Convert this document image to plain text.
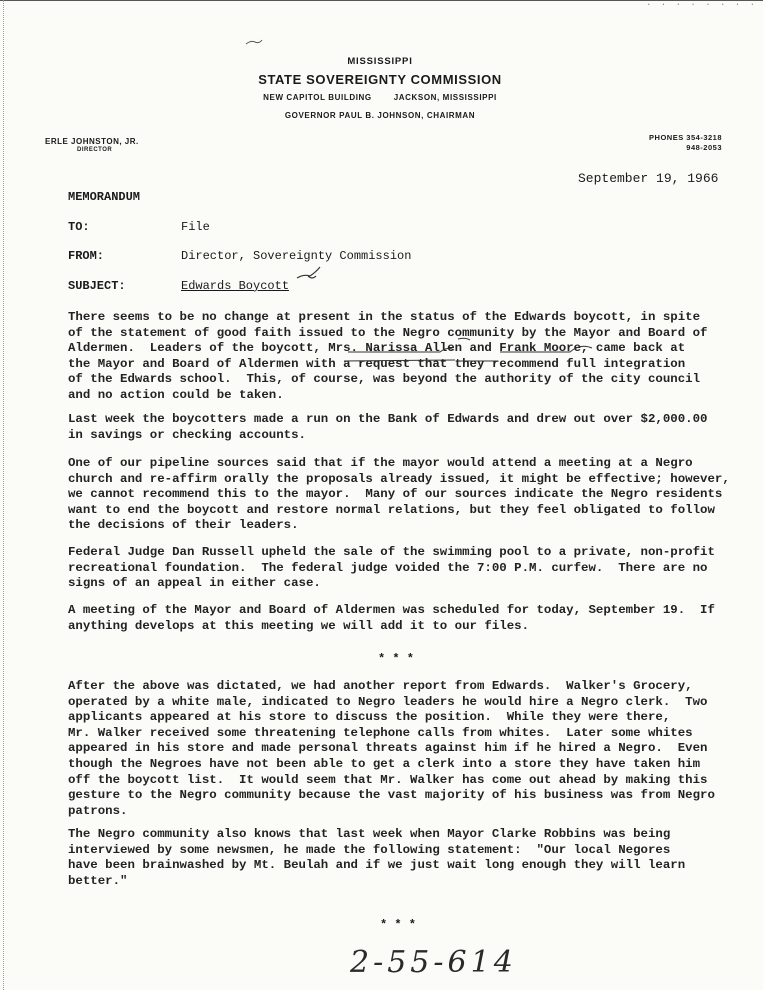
· · · · · · · ·
MISSISSIPPI
STATE SOVEREIGNTY COMMISSION
NEW CAPITOL BUILDING	JACKSON, MISSISSIPPI
GOVERNOR PAUL B. JOHNSON, CHAIRMAN
ERLE JOHNSTON, JR.
DIRECTOR
PHONES 354-3218
948-2053
September 19, 1966
MEMORANDUM
TO:	File
FROM:	Director, Sovereignty Commission
SUBJECT:	Edwards Boycott
There seems to be no change at present in the status of the Edwards boycott, in spite
of the statement of good faith issued to the Negro community by the Mayor and Board of
Aldermen.  Leaders of the boycott, Mrs. Narissa Allen and Frank Moore, came back at
the Mayor and Board of Aldermen with a request that they recommend full integration
of the Edwards school.  This, of course, was beyond the authority of the city council
and no action could be taken.
Last week the boycotters made a run on the Bank of Edwards and drew out over $2,000.00
in savings or checking accounts.
One of our pipeline sources said that if the mayor would attend a meeting at a Negro
church and re-affirm orally the proposals already issued, it might be effective; however,
we cannot recommend this to the mayor.  Many of our sources indicate the Negro residents
want to end the boycott and restore normal relations, but they feel obligated to follow
the decisions of their leaders.
Federal Judge Dan Russell upheld the sale of the swimming pool to a private, non-profit
recreational foundation.  The federal judge voided the 7:00 P.M. curfew.  There are no
signs of an appeal in either case.
A meeting of the Mayor and Board of Aldermen was scheduled for today, September 19.  If
anything develops at this meeting we will add it to our files.
* * *
After the above was dictated, we had another report from Edwards.  Walker's Grocery,
operated by a white male, indicated to Negro leaders he would hire a Negro clerk.  Two
applicants appeared at his store to discuss the position.  While they were there,
Mr. Walker received some threatening telephone calls from whites.  Later some whites
appeared in his store and made personal threats against him if he hired a Negro.  Even
though the Negroes have not been able to get a clerk into a store they have taken him
off the boycott list.  It would seem that Mr. Walker has come out ahead by making this
gesture to the Negro community because the vast majority of his business was from Negro
patrons.
The Negro community also knows that last week when Mayor Clarke Robbins was being
interviewed by some newsmen, he made the following statement:  "Our local Negores
have been brainwashed by Mt. Beulah and if we just wait long enough they will learn
better."
* * *
2-55-614
